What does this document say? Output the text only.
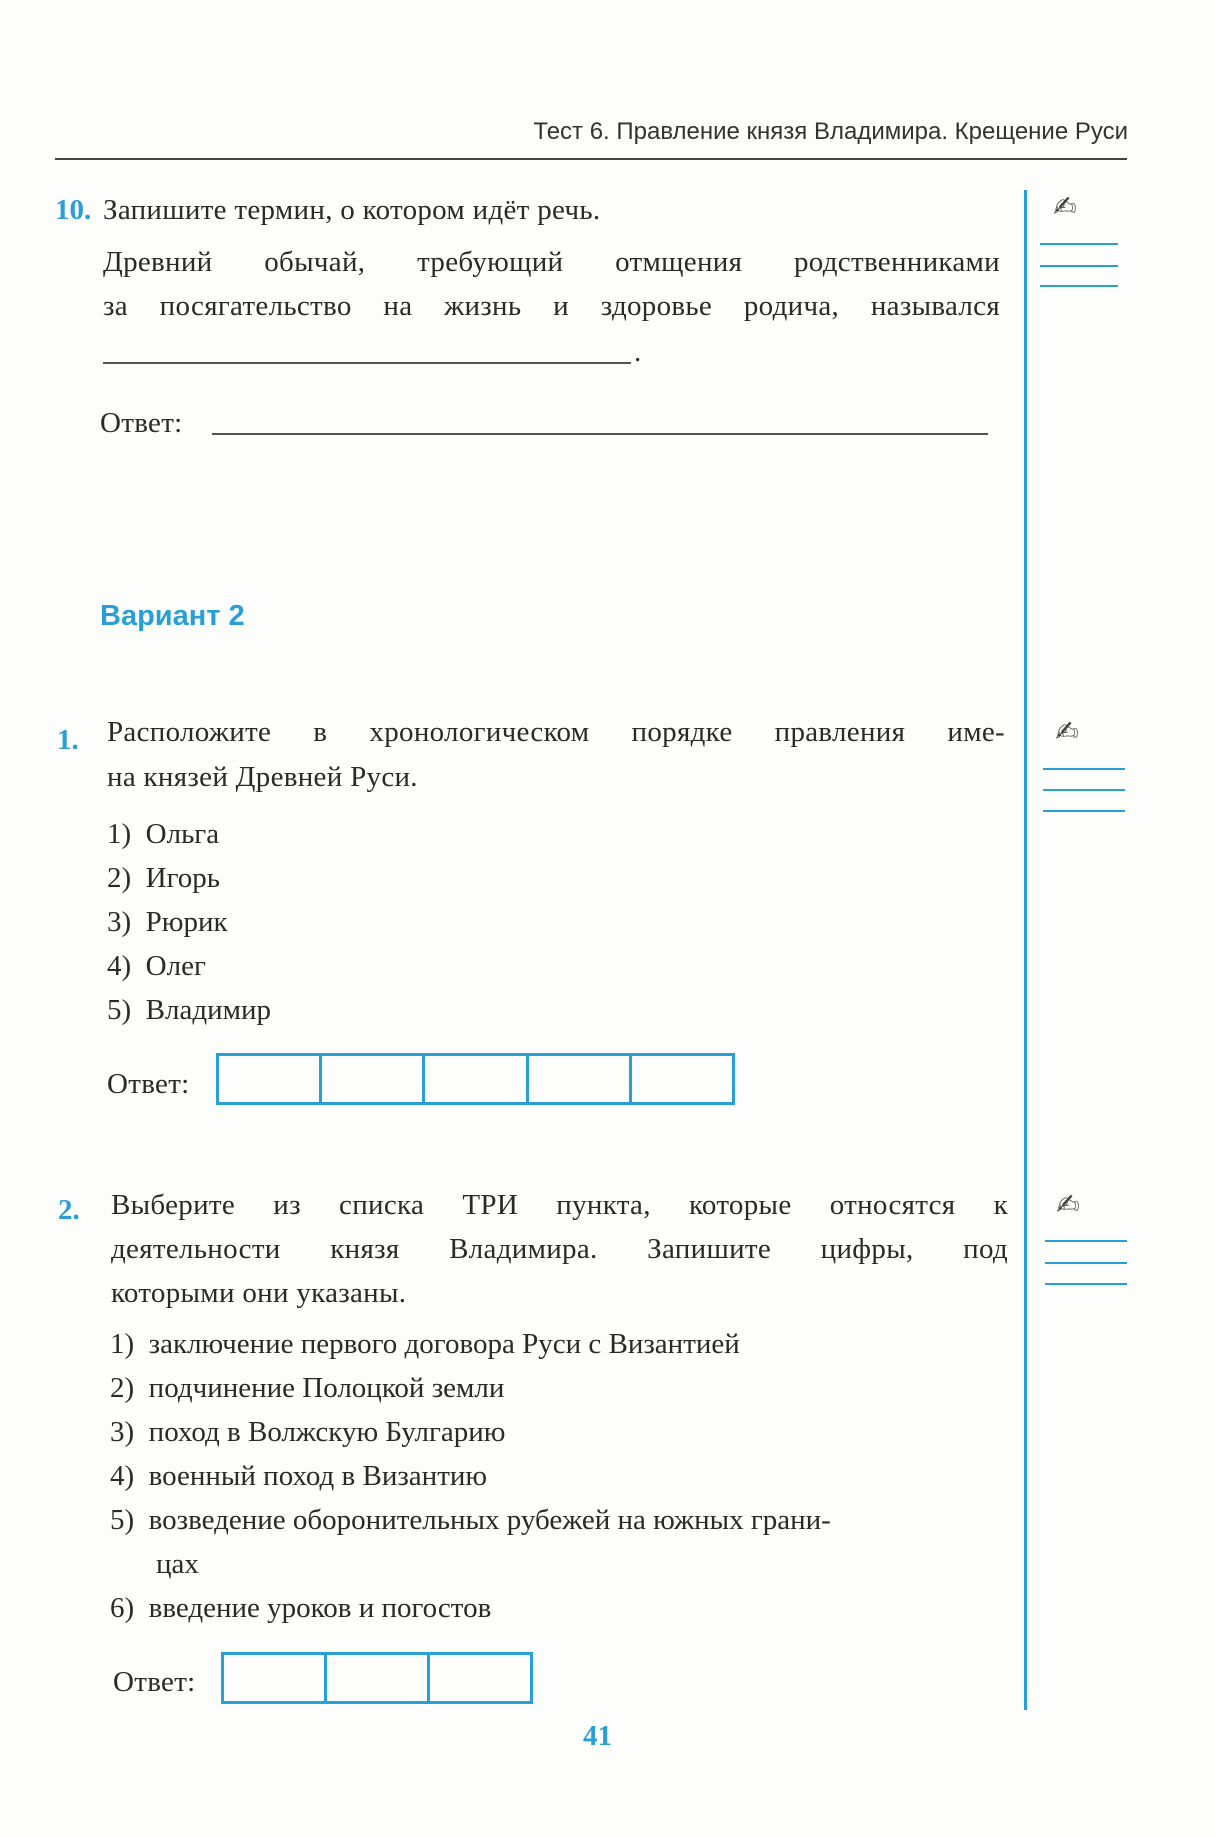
Тест 6. Правление князя Владимира. Крещение Руси
✍
10. Запишите термин, о котором идёт речь.
Древний обычай, требующий отмщения родственниками
за посягательство на жизнь и здоровье родича, назывался
.
Ответ:
Вариант 2
✍
1. Расположите в хронологическом порядке правления име-
на князей Древней Руси.
1) Ольга
2) Игорь
3) Рюрик
4) Олег
5) Владимир
Ответ:
✍
2. Выберите из списка ТРИ пункта, которые относятся к
деятельности князя Владимира. Запишите цифры, под
которыми они указаны.
1) заключение первого договора Руси с Византией
2) подчинение Полоцкой земли
3) поход в Волжскую Булгарию
4) военный поход в Византию
5) возведение оборонительных рубежей на южных грани-
цах
6) введение уроков и погостов
Ответ:
41
